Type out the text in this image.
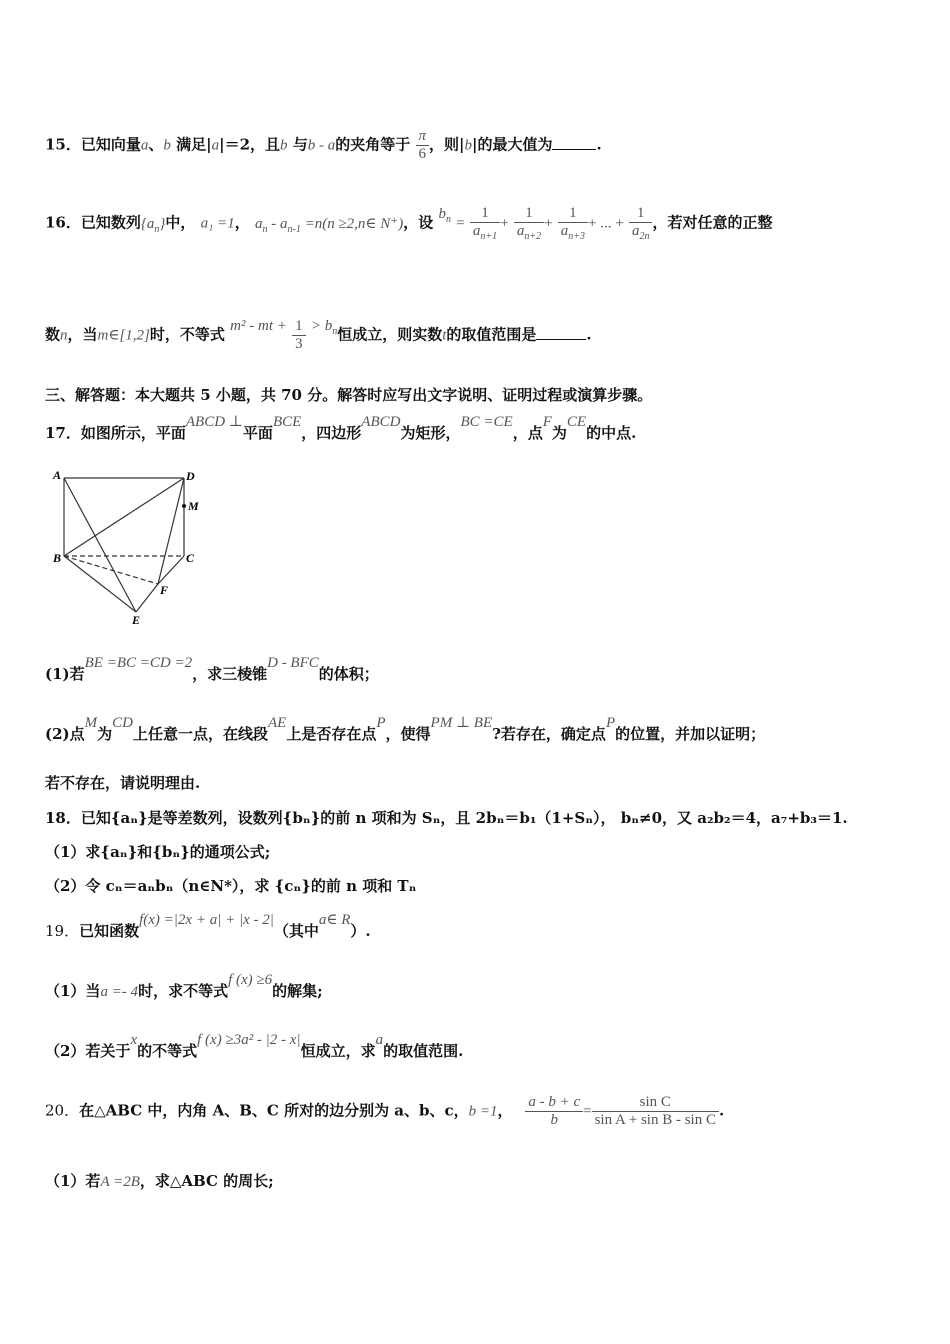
15．已知向量a、b 满足|a|＝2，且b 与b - a的夹角等于 $\frac{\pi}{6}$ ，则|b|的最大值为	.
16．已知数列$\{a_n\}$中， a₁ =1， $a_n - a_{n-1} =n(n$ ≥2,n∈ N⁺)，设 $b_n = \frac{1}{a_{n+1}} + \frac{1}{a_{n+2}} + \frac{1}{a_{n+3}}$ + ... + $\frac{1}{a_{2n}}$ ，若对任意的正整
数n，当m∈[1,2]时，不等式 m² - mt + $\frac{1}{3} > b_n$恒成立，则实数t的取值范围是	.
三、解答题：本大题共 5 小题，共 70 分。解答时应写出文字说明、证明过程或演算步骤。
17．如图所示，平面ABCD ⊥平面BCE，四边形ABCD为矩形，BC =CE，点F为CE的中点.
A	D
M
B	C
F
E
(1)若BE =BC =CD =2，求三棱锥D - BFC的体积；
(2)点M为CD上任意一点，在线段AE上是否存在点P，使得PM ⊥ BE?若存在，确定点P的位置，并加以证明；
若不存在，请说明理由.
18．已知{aₙ}是等差数列，设数列{bₙ}的前 n 项和为 Sₙ，且 2bₙ＝b₁（1+Sₙ）， bₙ≠0，又 a₂b₂＝4，a₇+b₃＝1.
（1）求{aₙ}和{bₙ}的通项公式;
（2）令 cₙ＝aₙbₙ（n∈N*），求 {cₙ}的前 n 项和 Tₙ
19．已知函数f(x) =|2x + a| + |x - 2|（其中a∈ R）.
（1）当a =- 4时，求不等式f (x) ≥6的解集;
（2）若关于x的不等式f (x) ≥3a² - |2 - x|恒成立，求a的取值范围.
20．在△ABC 中，内角 A、B、C 所对的边分别为 a、b、c，b =1， $\frac{a - b + c}{b} = \frac{\text{sin C}}{\text{sin A + sin B - sin C}}$ .
（1）若A =2B，求△ABC 的周长;
